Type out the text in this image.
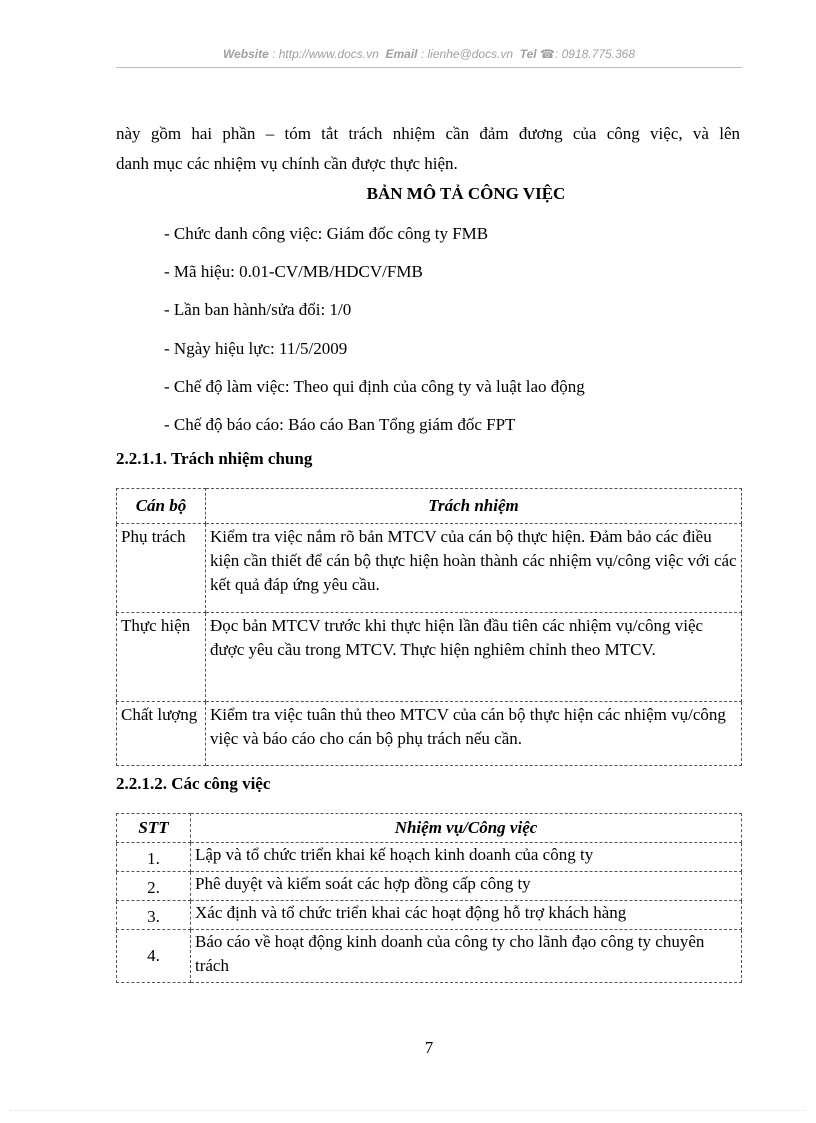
Website : http://www.docs.vn Email : lienhe@docs.vn Tel ☎: 0918.775.368
này gồm hai phần – tóm tắt trách nhiệm cần đảm đương của công việc, và lên
danh mục các nhiệm vụ chính cần được thực hiện.
BẢN MÔ TẢ CÔNG VIỆC
- Chức danh công việc: Giám đốc công ty FMB
- Mã hiệu: 0.01-CV/MB/HDCV/FMB
- Lần ban hành/sửa đổi: 1/0
- Ngày hiệu lực: 11/5/2009
- Chế độ làm việc: Theo qui định của công ty và luật lao động
- Chế độ báo cáo: Báo cáo Ban Tổng giám đốc FPT
2.2.1.1. Trách nhiệm chung
Cán bộ	Trách nhiệm
Phụ trách	Kiểm tra việc nắm rõ bản MTCV của cán bộ thực hiện. Đảm bảo các điều kiện cần thiết để cán bộ thực hiện hoàn thành các nhiệm vụ/công việc với các kết quả đáp ứng yêu cầu.
Thực hiện	Đọc bản MTCV trước khi thực hiện lần đầu tiên các nhiệm vụ/công việc được yêu cầu trong MTCV. Thực hiện nghiêm chỉnh theo MTCV.
Chất lượng	Kiểm tra việc tuân thủ theo MTCV của cán bộ thực hiện các nhiệm vụ/công việc và báo cáo cho cán bộ phụ trách nếu cần.
2.2.1.2. Các công việc
STT	Nhiệm vụ/Công việc
1.	Lập và tổ chức triển khai kế hoạch kinh doanh của công ty
2.	Phê duyệt và kiểm soát các hợp đồng cấp công ty
3.	Xác định và tổ chức triển khai các hoạt động hỗ trợ khách hàng
4.	Báo cáo về hoạt động kinh doanh của công ty cho lãnh đạo công ty chuyên trách
7
